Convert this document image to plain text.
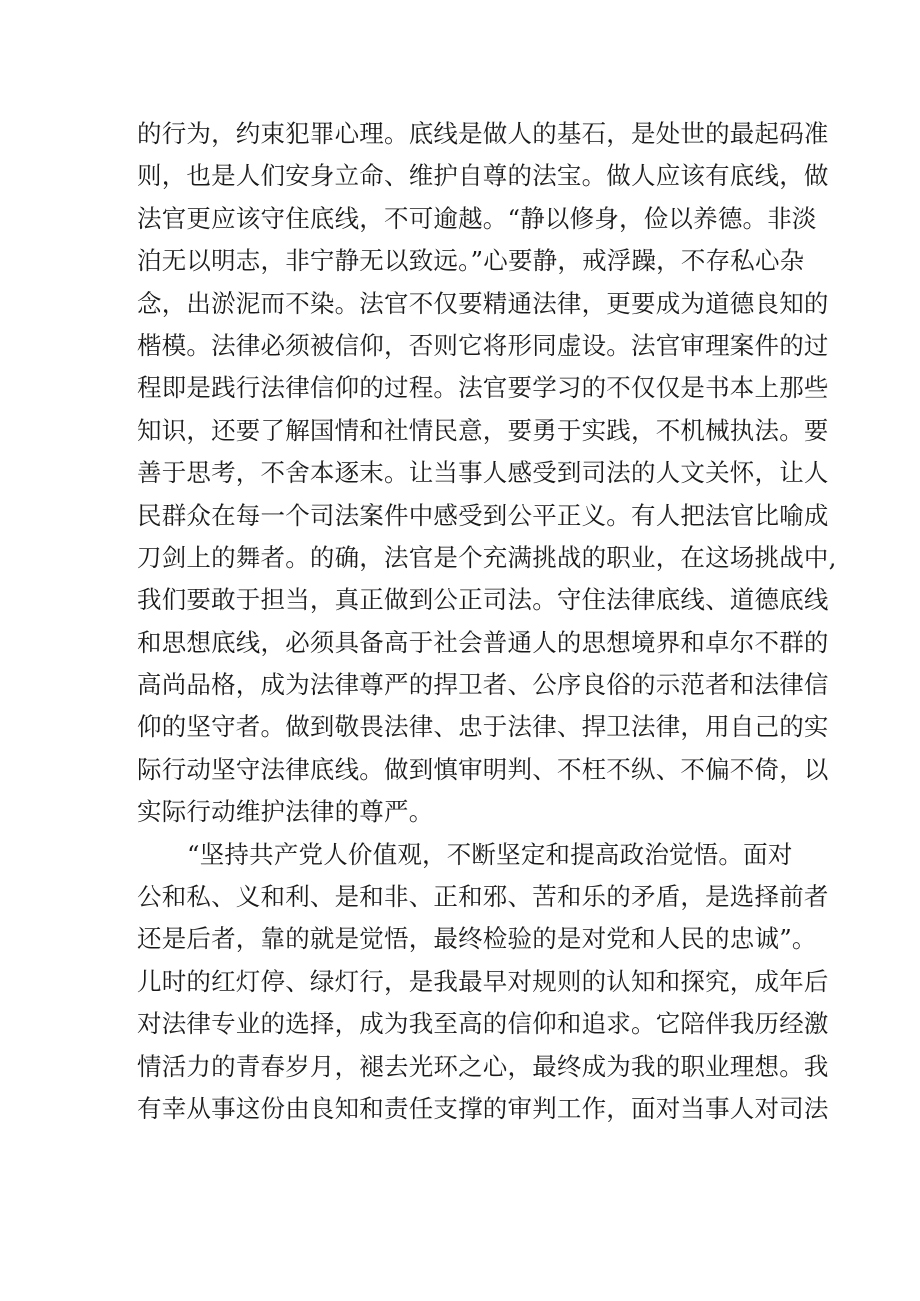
的行为，约束犯罪心理。底线是做人的基石，是处世的最起码准
则，也是人们安身立命、维护自尊的法宝。做人应该有底线，做
法官更应该守住底线，不可逾越。“静以修身，俭以养德。非淡
泊无以明志，非宁静无以致远。”心要静，戒浮躁，不存私心杂
念，出淤泥而不染。法官不仅要精通法律，更要成为道德良知的
楷模。法律必须被信仰，否则它将形同虚设。法官审理案件的过
程即是践行法律信仰的过程。法官要学习的不仅仅是书本上那些
知识，还要了解国情和社情民意，要勇于实践，不机械执法。要
善于思考，不舍本逐末。让当事人感受到司法的人文关怀，让人
民群众在每一个司法案件中感受到公平正义。有人把法官比喻成
刀剑上的舞者。的确，法官是个充满挑战的职业，在这场挑战中,
我们要敢于担当，真正做到公正司法。守住法律底线、道德底线
和思想底线，必须具备高于社会普通人的思想境界和卓尔不群的
高尚品格，成为法律尊严的捍卫者、公序良俗的示范者和法律信
仰的坚守者。做到敬畏法律、忠于法律、捍卫法律，用自己的实
际行动坚守法律底线。做到慎审明判、不枉不纵、不偏不倚，以
实际行动维护法律的尊严。
“坚持共产党人价值观，不断坚定和提高政治觉悟。面对
公和私、义和利、是和非、正和邪、苦和乐的矛盾，是选择前者
还是后者，靠的就是觉悟，最终检验的是对党和人民的忠诚”。
儿时的红灯停、绿灯行，是我最早对规则的认知和探究，成年后
对法律专业的选择，成为我至高的信仰和追求。它陪伴我历经激
情活力的青春岁月，褪去光环之心，最终成为我的职业理想。我
有幸从事这份由良知和责任支撑的审判工作，面对当事人对司法
